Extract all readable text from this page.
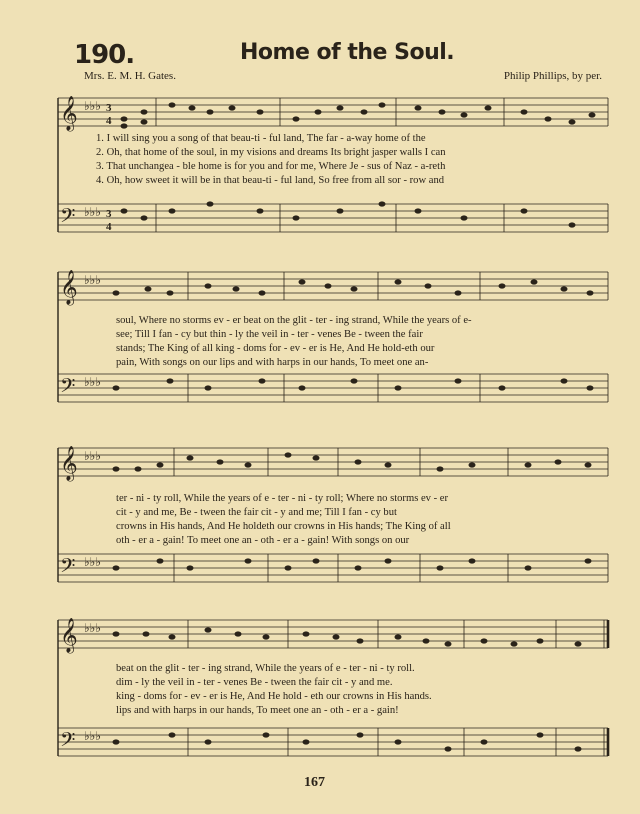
190.	Home of the Soul.
Mrs. E. M. H. Gates.	Philip Phillips, by per.
𝄞
𝄢
♭♭♭
♭♭♭
3
4
3
4
1. I will sing you a song of that beau-ti - ful land, The far - a-way home of the
2. Oh, that home of the soul, in my visions and dreams Its bright jasper walls I can
3. That unchangea - ble home is for you and for me, Where Je - sus of Naz - a-reth
4. Oh, how sweet it will be in that beau-ti - ful land, So free from all sor - row and
𝄞
𝄢
♭♭♭
♭♭♭
soul, Where no storms ev - er beat on the glit - ter - ing strand, While the years of e-
see; Till I fan - cy but thin - ly the veil in - ter - venes Be - tween the fair
stands; The King of all king - doms for - ev - er is He, And He hold-eth our
pain, With songs on our lips and with harps in our hands, To meet one an-
𝄞
𝄢
♭♭♭
♭♭♭
ter - ni - ty roll, While the years of e - ter - ni - ty roll; Where no storms ev - er
cit - y and me, Be - tween the fair cit - y and me; Till I fan - cy but
crowns in His hands, And He holdeth our crowns in His hands; The King of all
oth - er a - gain! To meet one an - oth - er a - gain! With songs on our
𝄞
𝄢
♭♭♭
♭♭♭
beat on the glit - ter - ing strand, While the years of e - ter - ni - ty roll.
dim - ly the veil in - ter - venes Be - tween the fair cit - y and me.
king - doms for - ev - er is He, And He hold - eth our crowns in His hands.
lips and with harps in our hands, To meet one an - oth - er a - gain!
167
